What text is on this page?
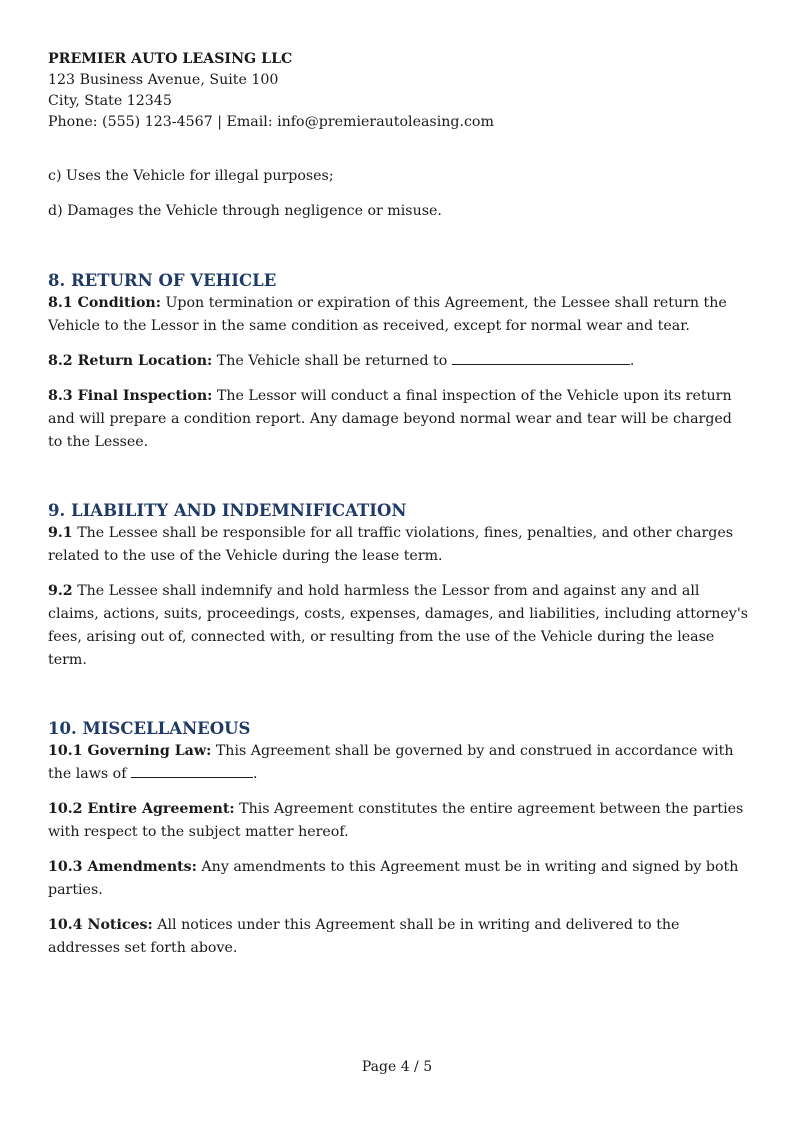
PREMIER AUTO LEASING LLC
123 Business Avenue, Suite 100
City, State 12345
Phone: (555) 123-4567 | Email: info@premierautoleasing.com

c) Uses the Vehicle for illegal purposes;

d) Damages the Vehicle through negligence or misuse.

8. RETURN OF VEHICLE

8.1 Condition: Upon termination or expiration of this Agreement, the Lessee shall return the Vehicle to the Lessor in the same condition as received, except for normal wear and tear.

8.2 Return Location: The Vehicle shall be returned to	.

8.3 Final Inspection: The Lessor will conduct a final inspection of the Vehicle upon its return and will prepare a condition report. Any damage beyond normal wear and tear will be charged to the Lessee.

9. LIABILITY AND INDEMNIFICATION

9.1 The Lessee shall be responsible for all traffic violations, fines, penalties, and other charges related to the use of the Vehicle during the lease term.

9.2 The Lessee shall indemnify and hold harmless the Lessor from and against any and all claims, actions, suits, proceedings, costs, expenses, damages, and liabilities, including attorney's fees, arising out of, connected with, or resulting from the use of the Vehicle during the lease term.

10. MISCELLANEOUS

10.1 Governing Law: This Agreement shall be governed by and construed in accordance with the laws of	.

10.2 Entire Agreement: This Agreement constitutes the entire agreement between the parties with respect to the subject matter hereof.

10.3 Amendments: Any amendments to this Agreement must be in writing and signed by both parties.

10.4 Notices: All notices under this Agreement shall be in writing and delivered to the addresses set forth above.

Page 4 / 5
